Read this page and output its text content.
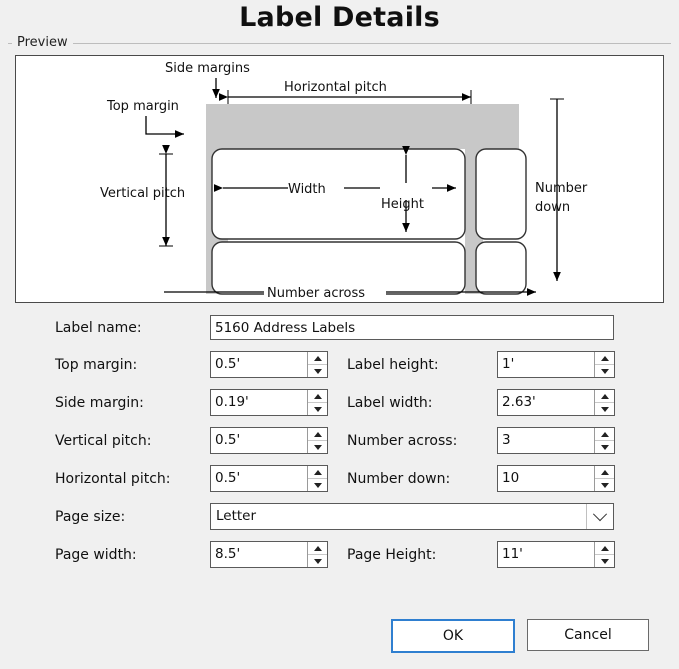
Label Details
Preview
Side margins
Top margin
Horizontal pitch
Vertical pitch	Width
Height
Number
down
Number across
Label name:	5160 Address Labels
Top margin:	0.5'	Label height:	1'
Side margin:	0.19'	Label width:	2.63'
Vertical pitch:	0.5'	Number across:	3
Horizontal pitch:	0.5'	Number down:	10
Page size:	Letter
Page width:	8.5'	Page Height:	11'
OK	Cancel
